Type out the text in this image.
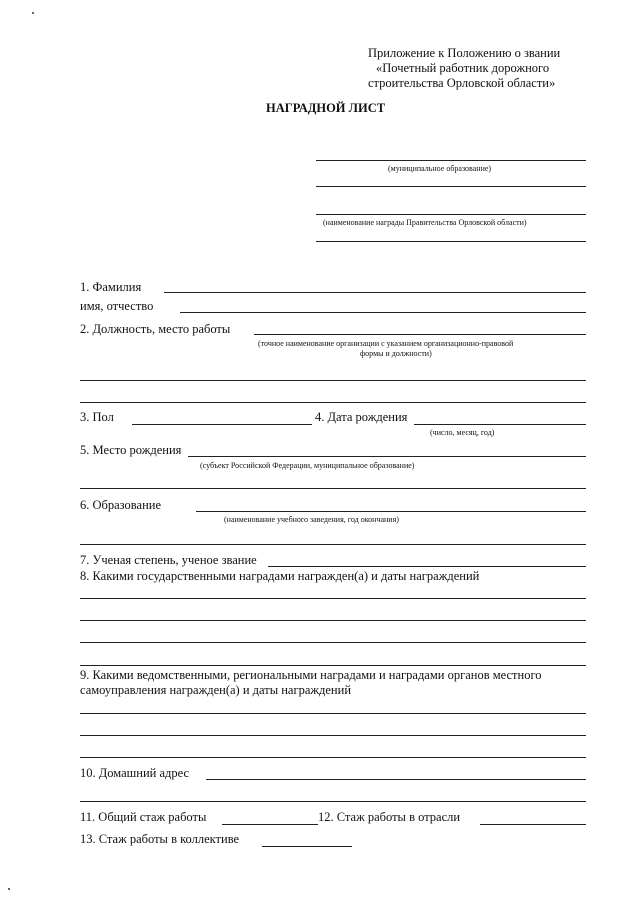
Приложение к Положению о звании
«Почетный работник дорожного
строительства Орловской области»
НАГРАДНОЙ ЛИСТ
(муниципальное образование)
(наименование награды Правительства Орловской области)
1. Фамилия
имя, отчество
2. Должность, место работы
(точное наименование организации с указанием организационно-правовой
формы и должности)
3. Пол	4. Дата рождения
(число, месяц, год)
5. Место рождения
(субъект Российской Федерации, муниципальное образование)
6. Образование
(наименование учебного заведения, год окончания)
7. Ученая степень, ученое звание
8. Какими государственными наградами награжден(а) и даты награждений
9. Какими ведомственными, региональными наградами и наградами органов местного
самоуправления награжден(а) и даты награждений
10. Домашний адрес
11. Общий стаж работы	12. Стаж работы в отрасли
13. Стаж работы в коллективе
